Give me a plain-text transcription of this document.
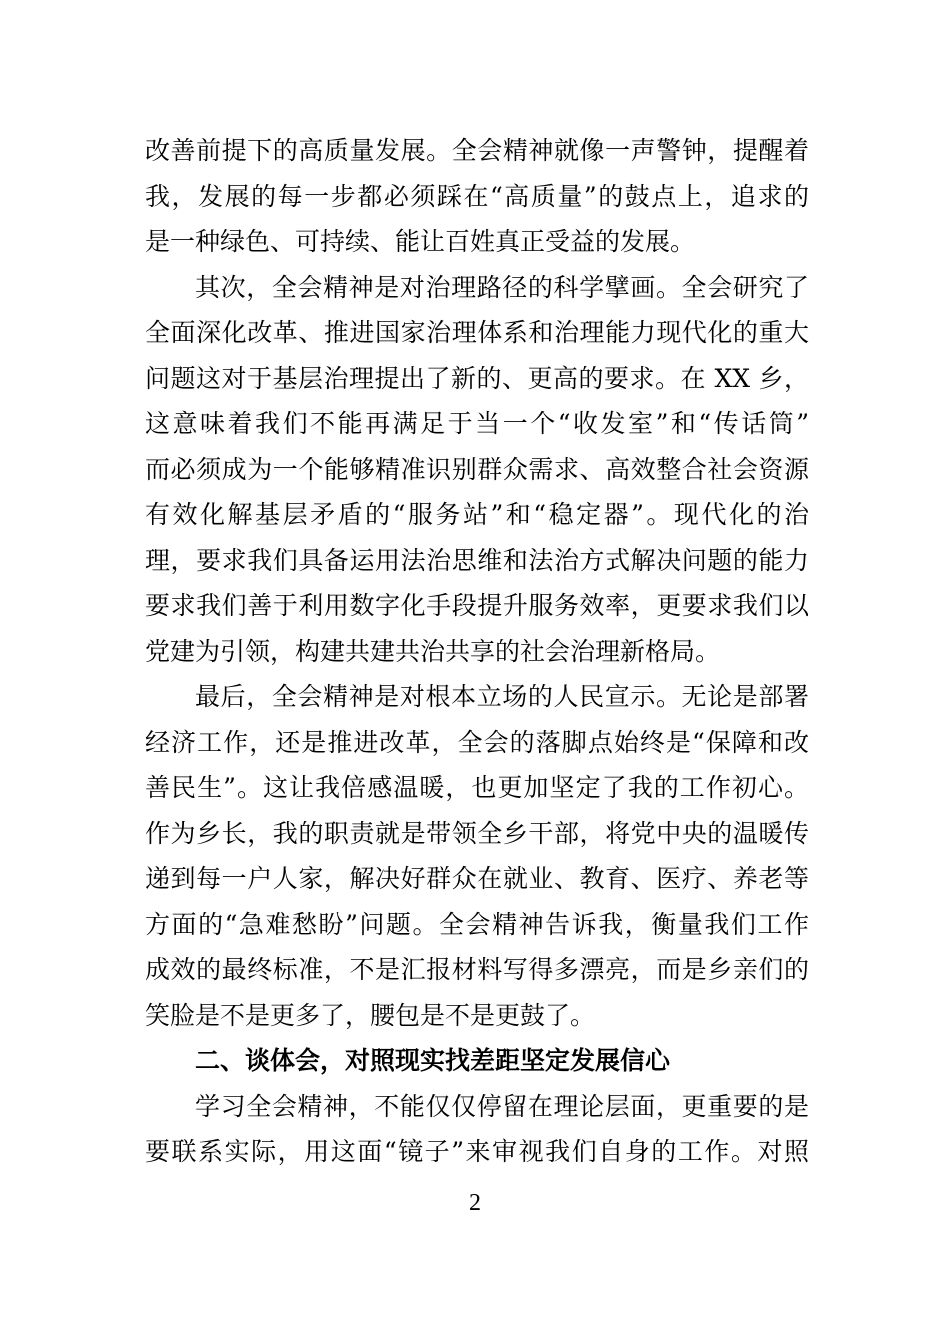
改善前提下的高质量发展。全会精神就像一声警钟，提醒着
我，发展的每一步都必须踩在“高质量”的鼓点上，追求的
是一种绿色、可持续、能让百姓真正受益的发展。
其次，全会精神是对治理路径的科学擘画。全会研究了
全面深化改革、推进国家治理体系和治理能力现代化的重大
问题这对于基层治理提出了新的、更高的要求。在 XX 乡，
这意味着我们不能再满足于当一个“收发室”和“传话筒”
而必须成为一个能够精准识别群众需求、高效整合社会资源
有效化解基层矛盾的“服务站”和“稳定器”。现代化的治
理，要求我们具备运用法治思维和法治方式解决问题的能力
要求我们善于利用数字化手段提升服务效率，更要求我们以
党建为引领，构建共建共治共享的社会治理新格局。
最后，全会精神是对根本立场的人民宣示。无论是部署
经济工作，还是推进改革，全会的落脚点始终是“保障和改
善民生”。这让我倍感温暖，也更加坚定了我的工作初心。
作为乡长，我的职责就是带领全乡干部，将党中央的温暖传
递到每一户人家，解决好群众在就业、教育、医疗、养老等
方面的“急难愁盼”问题。全会精神告诉我，衡量我们工作
成效的最终标准，不是汇报材料写得多漂亮，而是乡亲们的
笑脸是不是更多了，腰包是不是更鼓了。
二、谈体会，对照现实找差距坚定发展信心
学习全会精神，不能仅仅停留在理论层面，更重要的是
要联系实际，用这面“镜子”来审视我们自身的工作。对照
2
